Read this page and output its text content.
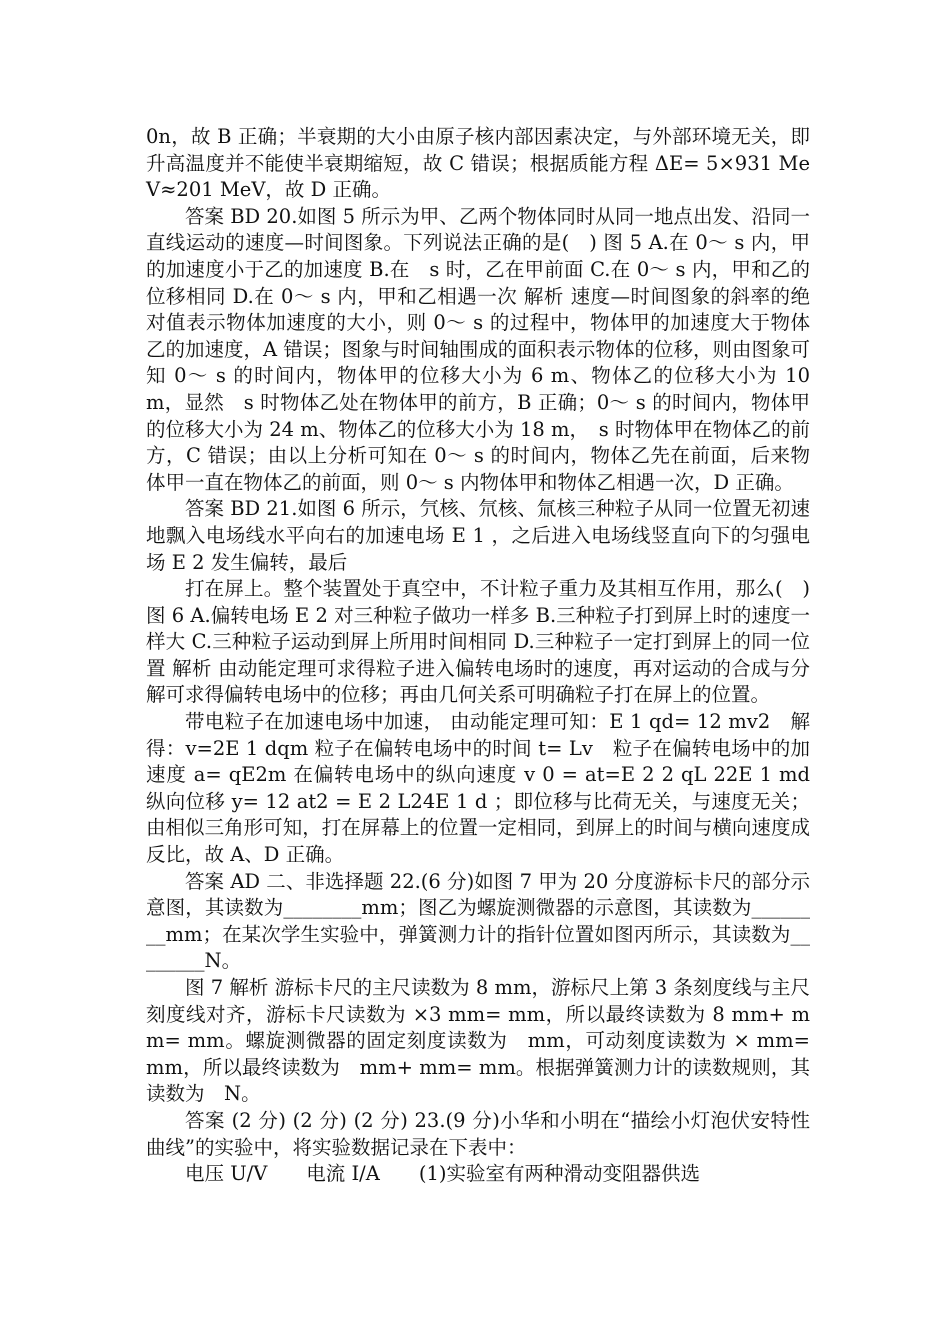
0n，故 B 正确；半衰期的大小由原子核内部因素决定，与外部环境无关，即升高温度并不能使半衰期缩短，故 C 错误；根据质能方程 ΔE= 5×931 MeV≈201 MeV，故 D 正确。

答案 BD 20.如图 5 所示为甲、乙两个物体同时从同一地点出发、沿同一直线运动的速度—时间图象。下列说法正确的是(　) 图 5 A.在 0～ s 内，甲的加速度小于乙的加速度 B.在　s 时，乙在甲前面 C.在 0～ s 内，甲和乙的位移相同 D.在 0～ s 内，甲和乙相遇一次 解析 速度—时间图象的斜率的绝对值表示物体加速度的大小，则 0～ s 的过程中，物体甲的加速度大于物体乙的加速度，A 错误；图象与时间轴围成的面积表示物体的位移，则由图象可知 0～ s 的时间内，物体甲的位移大小为 6 m、物体乙的位移大小为 10 m，显然　s 时物体乙处在物体甲的前方，B 正确；0～ s 的时间内，物体甲的位移大小为 24 m、物体乙的位移大小为 18 m，　s 时物体甲在物体乙的前方，C 错误；由以上分析可知在 0～ s 的时间内，物体乙先在前面，后来物体甲一直在物体乙的前面，则 0～ s 内物体甲和物体乙相遇一次，D 正确。

答案 BD 21.如图 6 所示，氕核、氘核、氚核三种粒子从同一位置无初速地飘入电场线水平向右的加速电场 E 1 ，之后进入电场线竖直向下的匀强电场 E 2 发生偏转，最后

打在屏上。整个装置处于真空中，不计粒子重力及其相互作用，那么(　)　图 6 A.偏转电场 E 2 对三种粒子做功一样多 B.三种粒子打到屏上时的速度一样大 C.三种粒子运动到屏上所用时间相同 D.三种粒子一定打到屏上的同一位置 解析 由动能定理可求得粒子进入偏转电场时的速度，再对运动的合成与分解可求得偏转电场中的位移；再由几何关系可明确粒子打在屏上的位置。

带电粒子在加速电场中加速， 由动能定理可知：E 1 qd= 12 mv2　解得：v=2E 1 dqm 粒子在偏转电场中的时间 t= Lv　粒子在偏转电场中的加速度 a= qE2m 在偏转电场中的纵向速度 v 0 = at=E 2 2 qL 22E 1 md　纵向位移 y= 12 at2 = E 2 L24E 1 d ；即位移与比荷无关，与速度无关；由相似三角形可知，打在屏幕上的位置一定相同，到屏上的时间与横向速度成反比，故 A、D 正确。

答案 AD 二、非选择题 22.(6 分)如图 7 甲为 20 分度游标卡尺的部分示意图，其读数为________mm；图乙为螺旋测微器的示意图，其读数为________mm；在某次学生实验中，弹簧测力计的指针位置如图丙所示，其读数为________N。

图 7 解析 游标卡尺的主尺读数为 8 mm，游标尺上第 3 条刻度线与主尺刻度线对齐，游标卡尺读数为 ×3 mm= mm，所以最终读数为 8 mm+ mm= mm。螺旋测微器的固定刻度读数为　mm，可动刻度读数为 × mm= mm，所以最终读数为　mm+ mm= mm。根据弹簧测力计的读数规则，其读数为　N。

答案 (2 分) (2 分) (2 分) 23.(9 分)小华和小明在“描绘小灯泡伏安特性曲线”的实验中，将实验数据记录在下表中：

电压 U/V　　电流 I/A　　(1)实验室有两种滑动变阻器供选
